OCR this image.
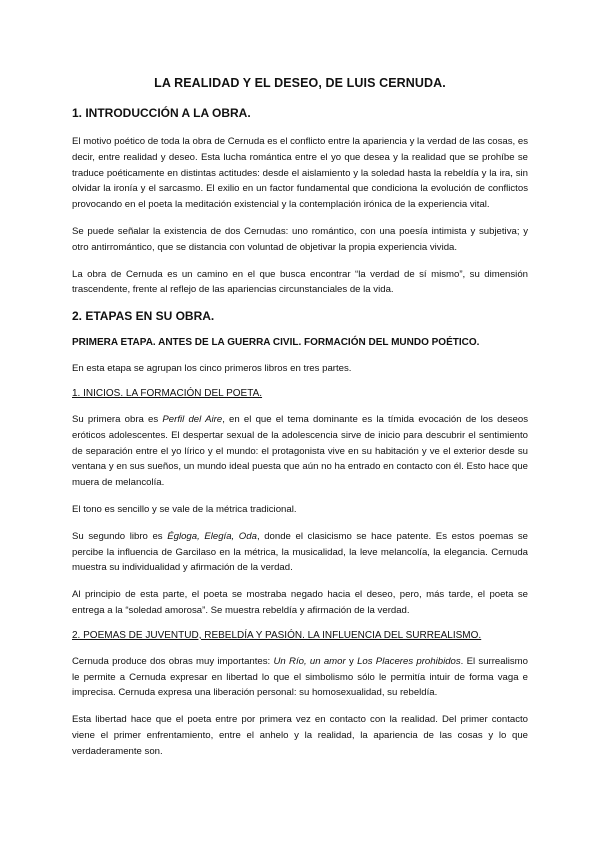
LA REALIDAD Y EL DESEO, DE LUIS CERNUDA.
1. INTRODUCCIÓN A LA OBRA.

El motivo poético de toda la obra de Cernuda es el conflicto entre la apariencia y la verdad de las cosas, es decir, entre realidad y deseo. Esta lucha romántica entre el yo que desea y la realidad que se prohíbe se traduce poéticamente en distintas actitudes: desde el aislamiento y la soledad hasta la rebeldía y la ira, sin olvidar la ironía y el sarcasmo. El exilio en un factor fundamental que condiciona la evolución de conflictos provocando en el poeta la meditación existencial y la contemplación irónica de la experiencia vital.

Se puede señalar la existencia de dos Cernudas: uno romántico, con una poesía intimista y subjetiva; y otro antirromántico, que se distancia con voluntad de objetivar la propia experiencia vivida.

La obra de Cernuda es un camino en el que busca encontrar “la verdad de sí mismo”, su dimensión trascendente, frente al reflejo de las apariencias circunstanciales de la vida.

2. ETAPAS EN SU OBRA.
PRIMERA ETAPA. ANTES DE LA GUERRA CIVIL. FORMACIÓN DEL MUNDO POÉTICO.

En esta etapa se agrupan los cinco primeros libros en tres partes.

1. INICIOS. LA FORMACIÓN DEL POETA.

Su primera obra es Perfil del Aire, en el que el tema dominante es la tímida evocación de los deseos eróticos adolescentes. El despertar sexual de la adolescencia sirve de inicio para descubrir el sentimiento de separación entre el yo lírico y el mundo: el protagonista vive en su habitación y ve el exterior desde su ventana y en sus sueños, un mundo ideal puesta que aún no ha entrado en contacto con él. Esto hace que muera de melancolía.

El tono es sencillo y se vale de la métrica tradicional.

Su segundo libro es Égloga, Elegía, Oda, donde el clasicismo se hace patente. Es estos poemas se percibe la influencia de Garcilaso en la métrica, la musicalidad, la leve melancolía, la elegancia. Cernuda muestra su individualidad y afirmación de la verdad.

Al principio de esta parte, el poeta se mostraba negado hacia el deseo, pero, más tarde, el poeta se entrega a la “soledad amorosa”. Se muestra rebeldía y afirmación de la verdad.

2. POEMAS DE JUVENTUD, REBELDÍA Y PASIÓN. LA INFLUENCIA DEL SURREALISMO.

Cernuda produce dos obras muy importantes: Un Río, un amor y Los Placeres prohibidos. El surrealismo le permite a Cernuda expresar en libertad lo que el simbolismo sólo le permitía intuir de forma vaga e imprecisa. Cernuda expresa una liberación personal: su homosexualidad, su rebeldía.

Esta libertad hace que el poeta entre por primera vez en contacto con la realidad. Del primer contacto viene el primer enfrentamiento, entre el anhelo y la realidad, la apariencia de las cosas y lo que verdaderamente son.
